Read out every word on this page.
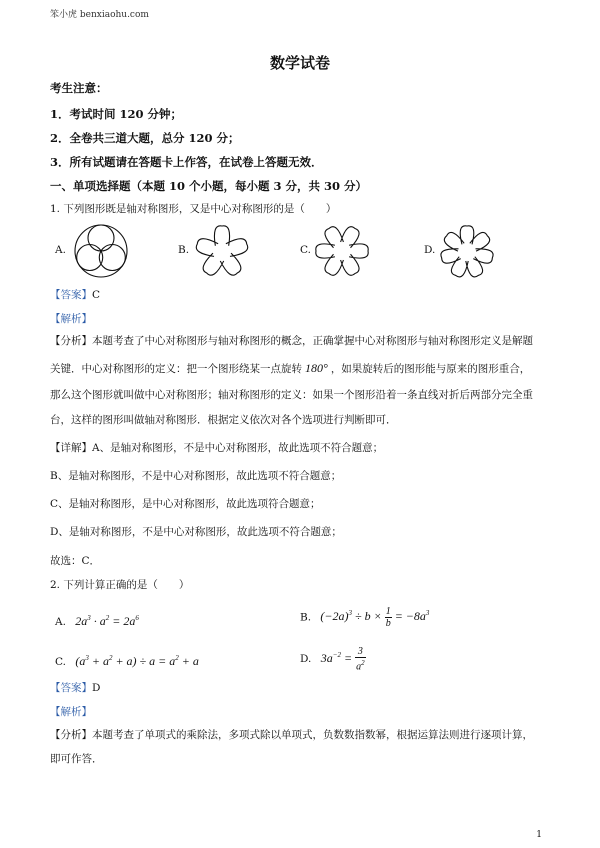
笨小虎 benxiaohu.com
数学试卷
考生注意：
1．考试时间 120 分钟；
2．全卷共三道大题，总分 120 分；
3．所有试题请在答题卡上作答，在试卷上答题无效．
一、单项选择题（本题 10 个小题，每小题 3 分，共 30 分）
1. 下列图形既是轴对称图形，又是中心对称图形的是（　　）
A.	B.	C.	D.
【答案】C
【解析】
【分析】本题考查了中心对称图形与轴对称图形的概念，正确掌握中心对称图形与轴对称图形定义是解题
关键．中心对称图形的定义：把一个图形绕某一点旋转 180° ，如果旋转后的图形能与原来的图形重合，
那么这个图形就叫做中心对称图形；轴对称图形的定义：如果一个图形沿着一条直线对折后两部分完全重
台，这样的图形叫做轴对称图形．根据定义依次对各个选项进行判断即可．
【详解】A、是轴对称图形，不是中心对称图形，故此选项不符合题意；
B、是轴对称图形，不是中心对称图形，故此选项不符合题意；
C、是轴对称图形，是中心对称图形，故此选项符合题意；
D、是轴对称图形，不是中心对称图形，故此选项不符合题意；
故选：C．
2. 下列计算正确的是（　　）
A. $2a^3 \cdot a^2 = 2a^6$	B. $(-2a)^3 \div b \times \frac{1}{b} = -8a^3$
C. $(a^3 + a^2 + a) \div a = a^2 + a$	D. $3a^{-2} = \frac{3}{a^2}$
【答案】D
【解析】
【分析】本题考查了单项式的乘除法，多项式除以单项式，负数数指数幂，根据运算法则进行逐项计算，
即可作答．
1
